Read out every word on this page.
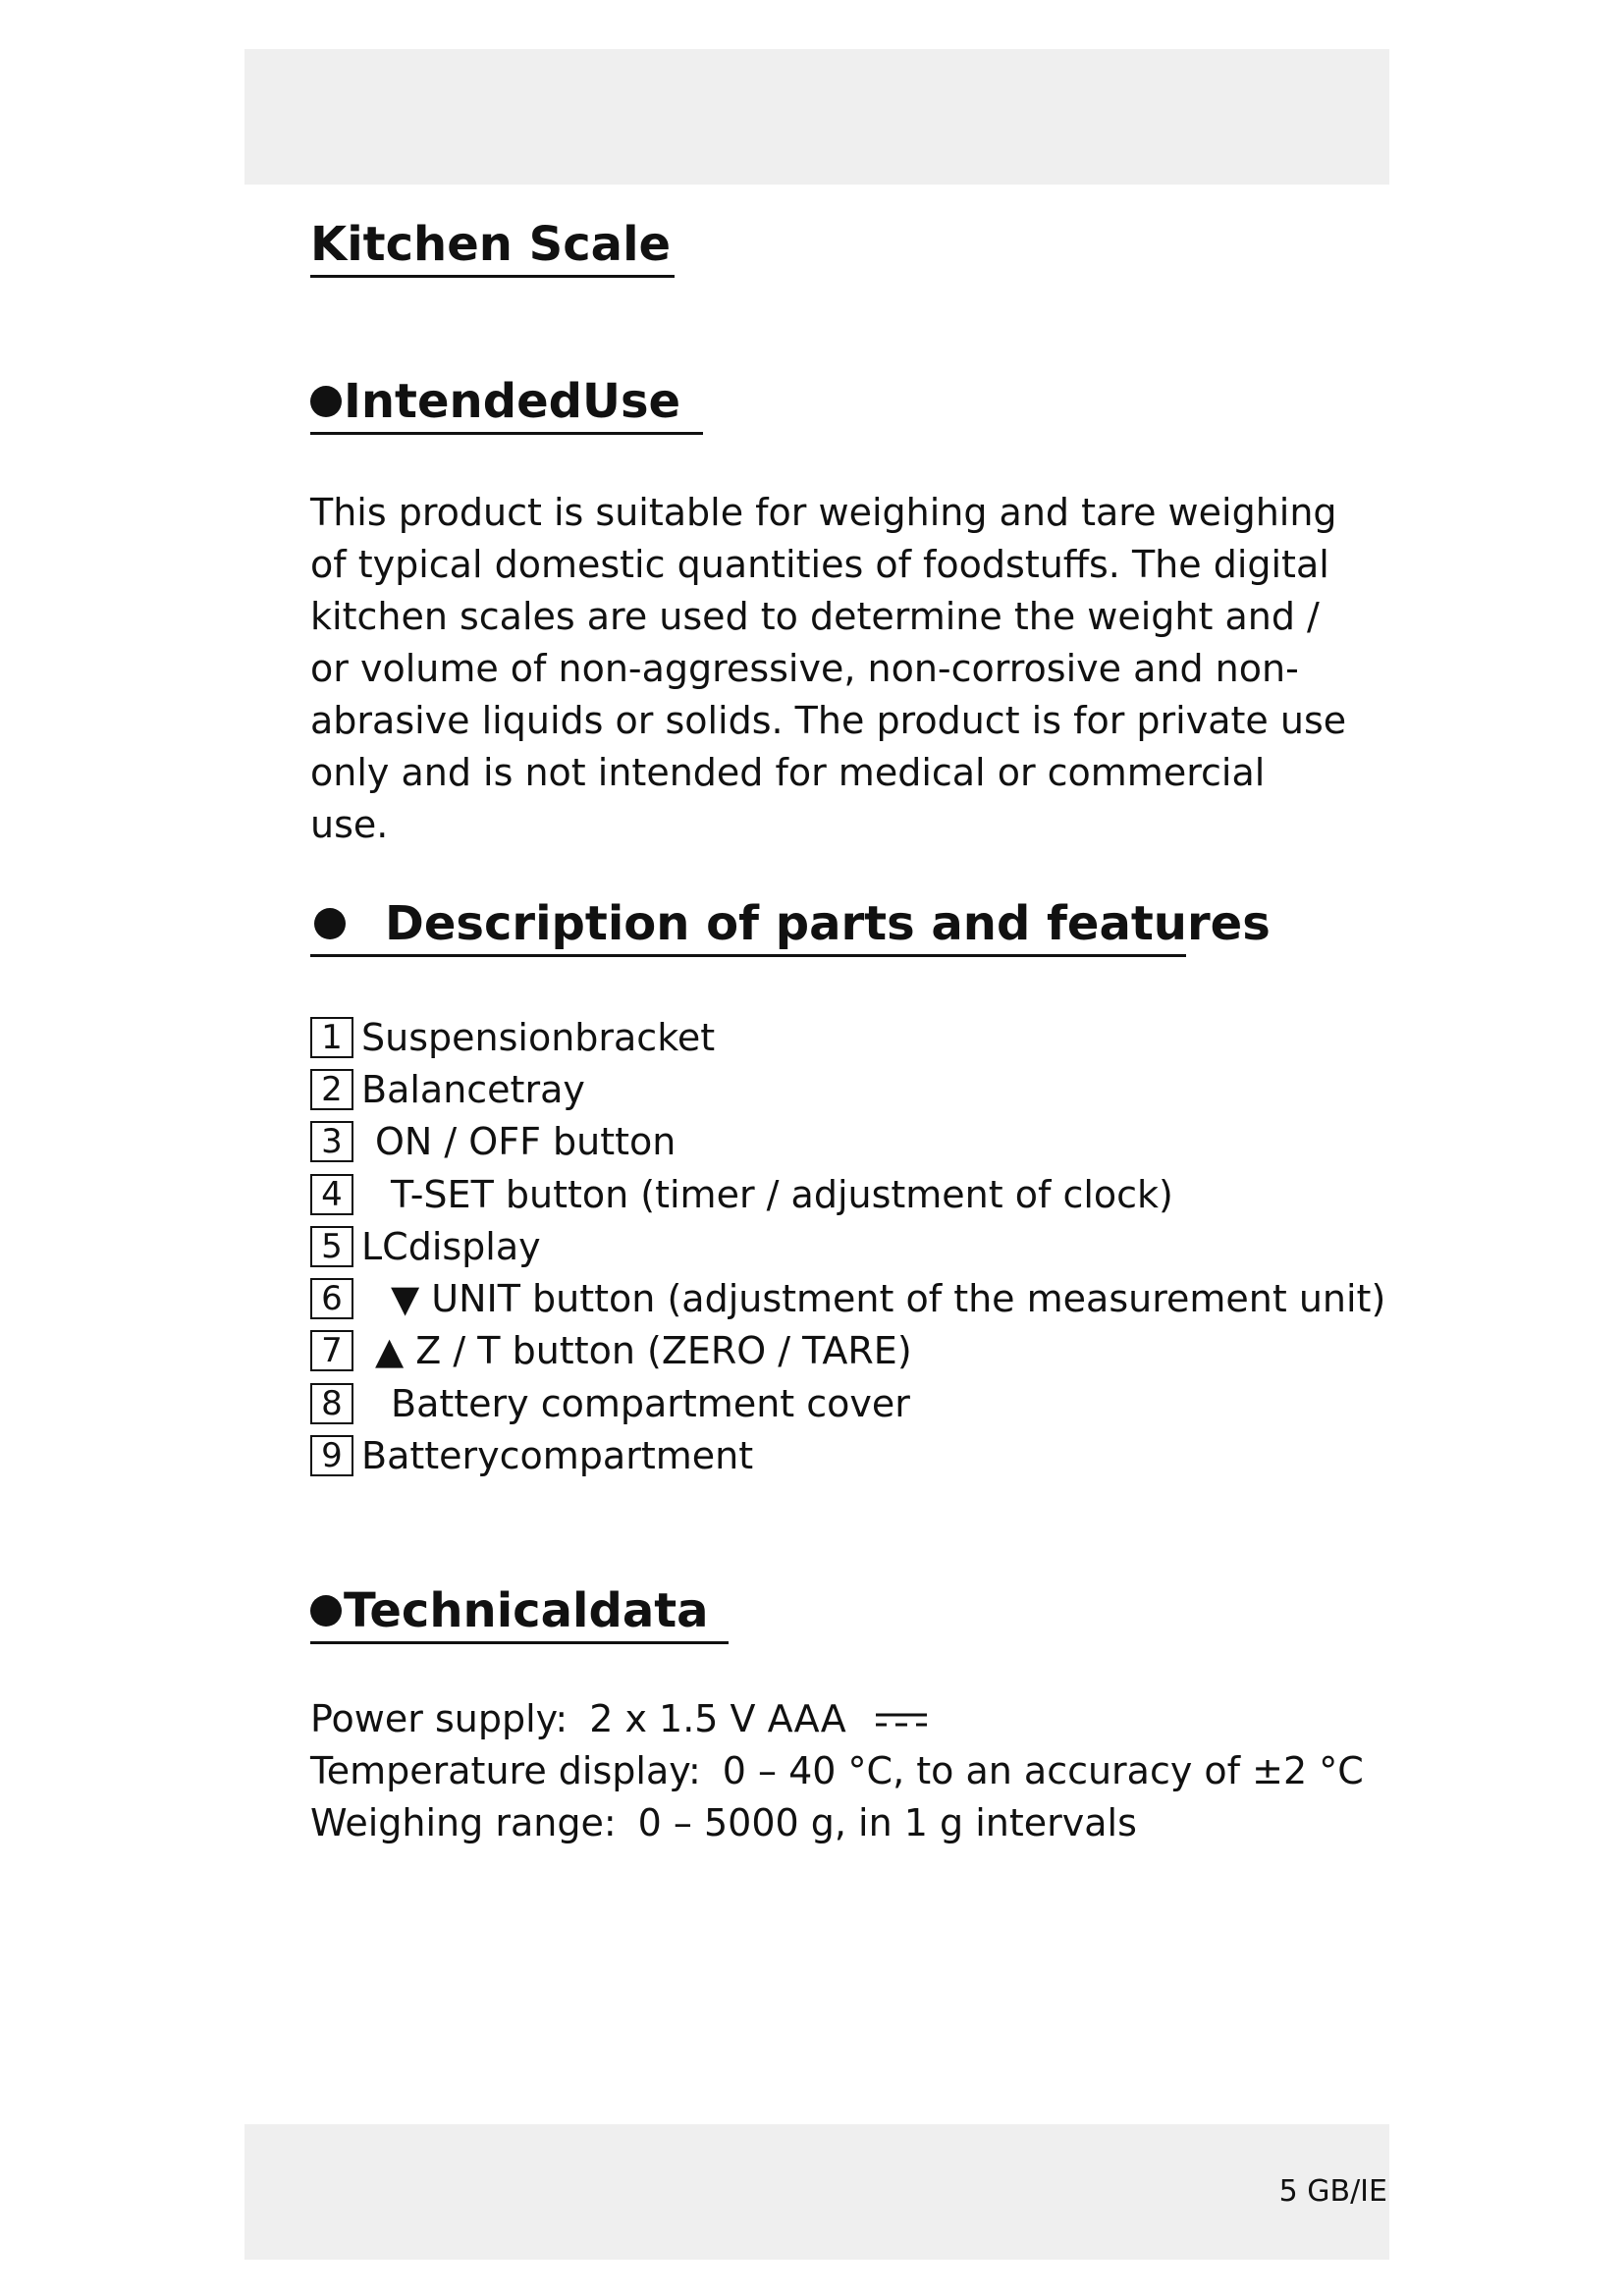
Kitchen Scale
IntendedUse

This product is suitable for weighing and tare weighing of typical domestic quantities of foodstuffs. The digital kitchen scales are used to determine the weight and / or volume of non-aggressive, non-corrosive and non-abrasive liquids or solids. The product is for private use only and is not intended for medical or commercial use.

Description of parts and features
1 Suspensionbracket
2 Balancetray
3 ON / OFF button
4 T-SET button (timer / adjustment of clock)
5 LCdisplay
6 ▼ UNIT button (adjustment of the measurement unit)
7 ▲ Z / T button (ZERO / TARE)
8 Battery compartment cover
9 Batterycompartment
Technicaldata
Power supply: 2 x 1.5 V AAA
Temperature display: 0 – 40 °C, to an accuracy of ±2 °C
Weighing range: 0 – 5000 g, in 1 g intervals
5 GB/IE
